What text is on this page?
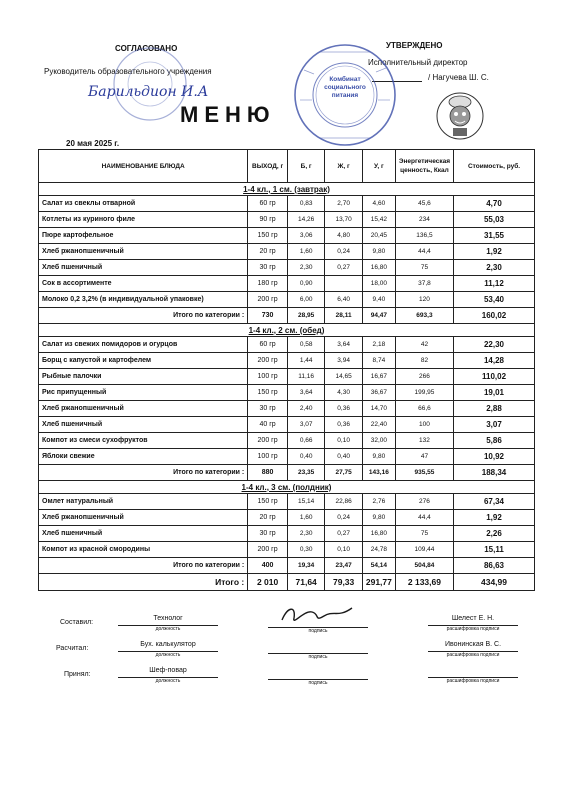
СОГЛАСОВАНО
Руководитель образовательного учреждения
Барильдион И.А
УТВЕРЖДЕНО
Исполнительный директор
/ Нагучева Ш. С.
МЕНЮ
20 мая 2025 г.
Комбинат
социального
питания
НАИМЕНОВАНИЕ БЛЮДА	ВЫХОД, г	Б, г	Ж, г	У, г	Энергетическая ценность, Ккал	Стоимость, руб.
1-4 кл., 1 см. (завтрак)						
Салат из свеклы отварной	60 гр	0,83	2,70	4,60	45,6	4,70
Котлеты из куриного филе	90 гр	14,26	13,70	15,42	234	55,03
Пюре картофельное	150 гр	3,06	4,80	20,45	136,5	31,55
Хлеб ржанопшеничный	20 гр	1,60	0,24	9,80	44,4	1,92
Хлеб пшеничный	30 гр	2,30	0,27	16,80	75	2,30
Сок в ассортименте	180 гр	0,90		18,00	37,8	11,12
Молоко 0,2 3,2% (в индивидуальной упаковке)	200 гр	6,00	6,40	9,40	120	53,40
Итого по категории :	730	28,95	28,11	94,47	693,3	160,02
1-4 кл., 2 см. (обед)						
Салат из свежих помидоров и огурцов	60 гр	0,58	3,64	2,18	42	22,30
Борщ с капустой и картофелем	200 гр	1,44	3,94	8,74	82	14,28
Рыбные палочки	100 гр	11,16	14,65	16,67	266	110,02
Рис припущенный	150 гр	3,64	4,30	36,67	199,95	19,01
Хлеб ржанопшеничный	30 гр	2,40	0,36	14,70	66,6	2,88
Хлеб пшеничный	40 гр	3,07	0,36	22,40	100	3,07
Компот из смеси сухофруктов	200 гр	0,66	0,10	32,00	132	5,86
Яблоки свежие	100 гр	0,40	0,40	9,80	47	10,92
Итого по категории :	880	23,35	27,75	143,16	935,55	188,34
1-4 кл., 3 см. (полдник)						
Омлет натуральный	150 гр	15,14	22,86	2,76	276	67,34
Хлеб ржанопшеничный	20 гр	1,60	0,24	9,80	44,4	1,92
Хлеб пшеничный	30 гр	2,30	0,27	16,80	75	2,26
Компот из красной смородины	200 гр	0,30	0,10	24,78	109,44	15,11
Итого по категории :	400	19,34	23,47	54,14	504,84	86,63
Итого :	2 010	71,64	79,33	291,77	2 133,69	434,99
Составил:
Технолог
должность	подпись
Шелест Е. Н.
расшифровка подписи
Расчитал:
Бух. калькулятор
должность	подпись
Ивонинская В. С.
расшифровка подписи
Принял:
Шеф-повар
должность	подпись	расшифровка подписи
